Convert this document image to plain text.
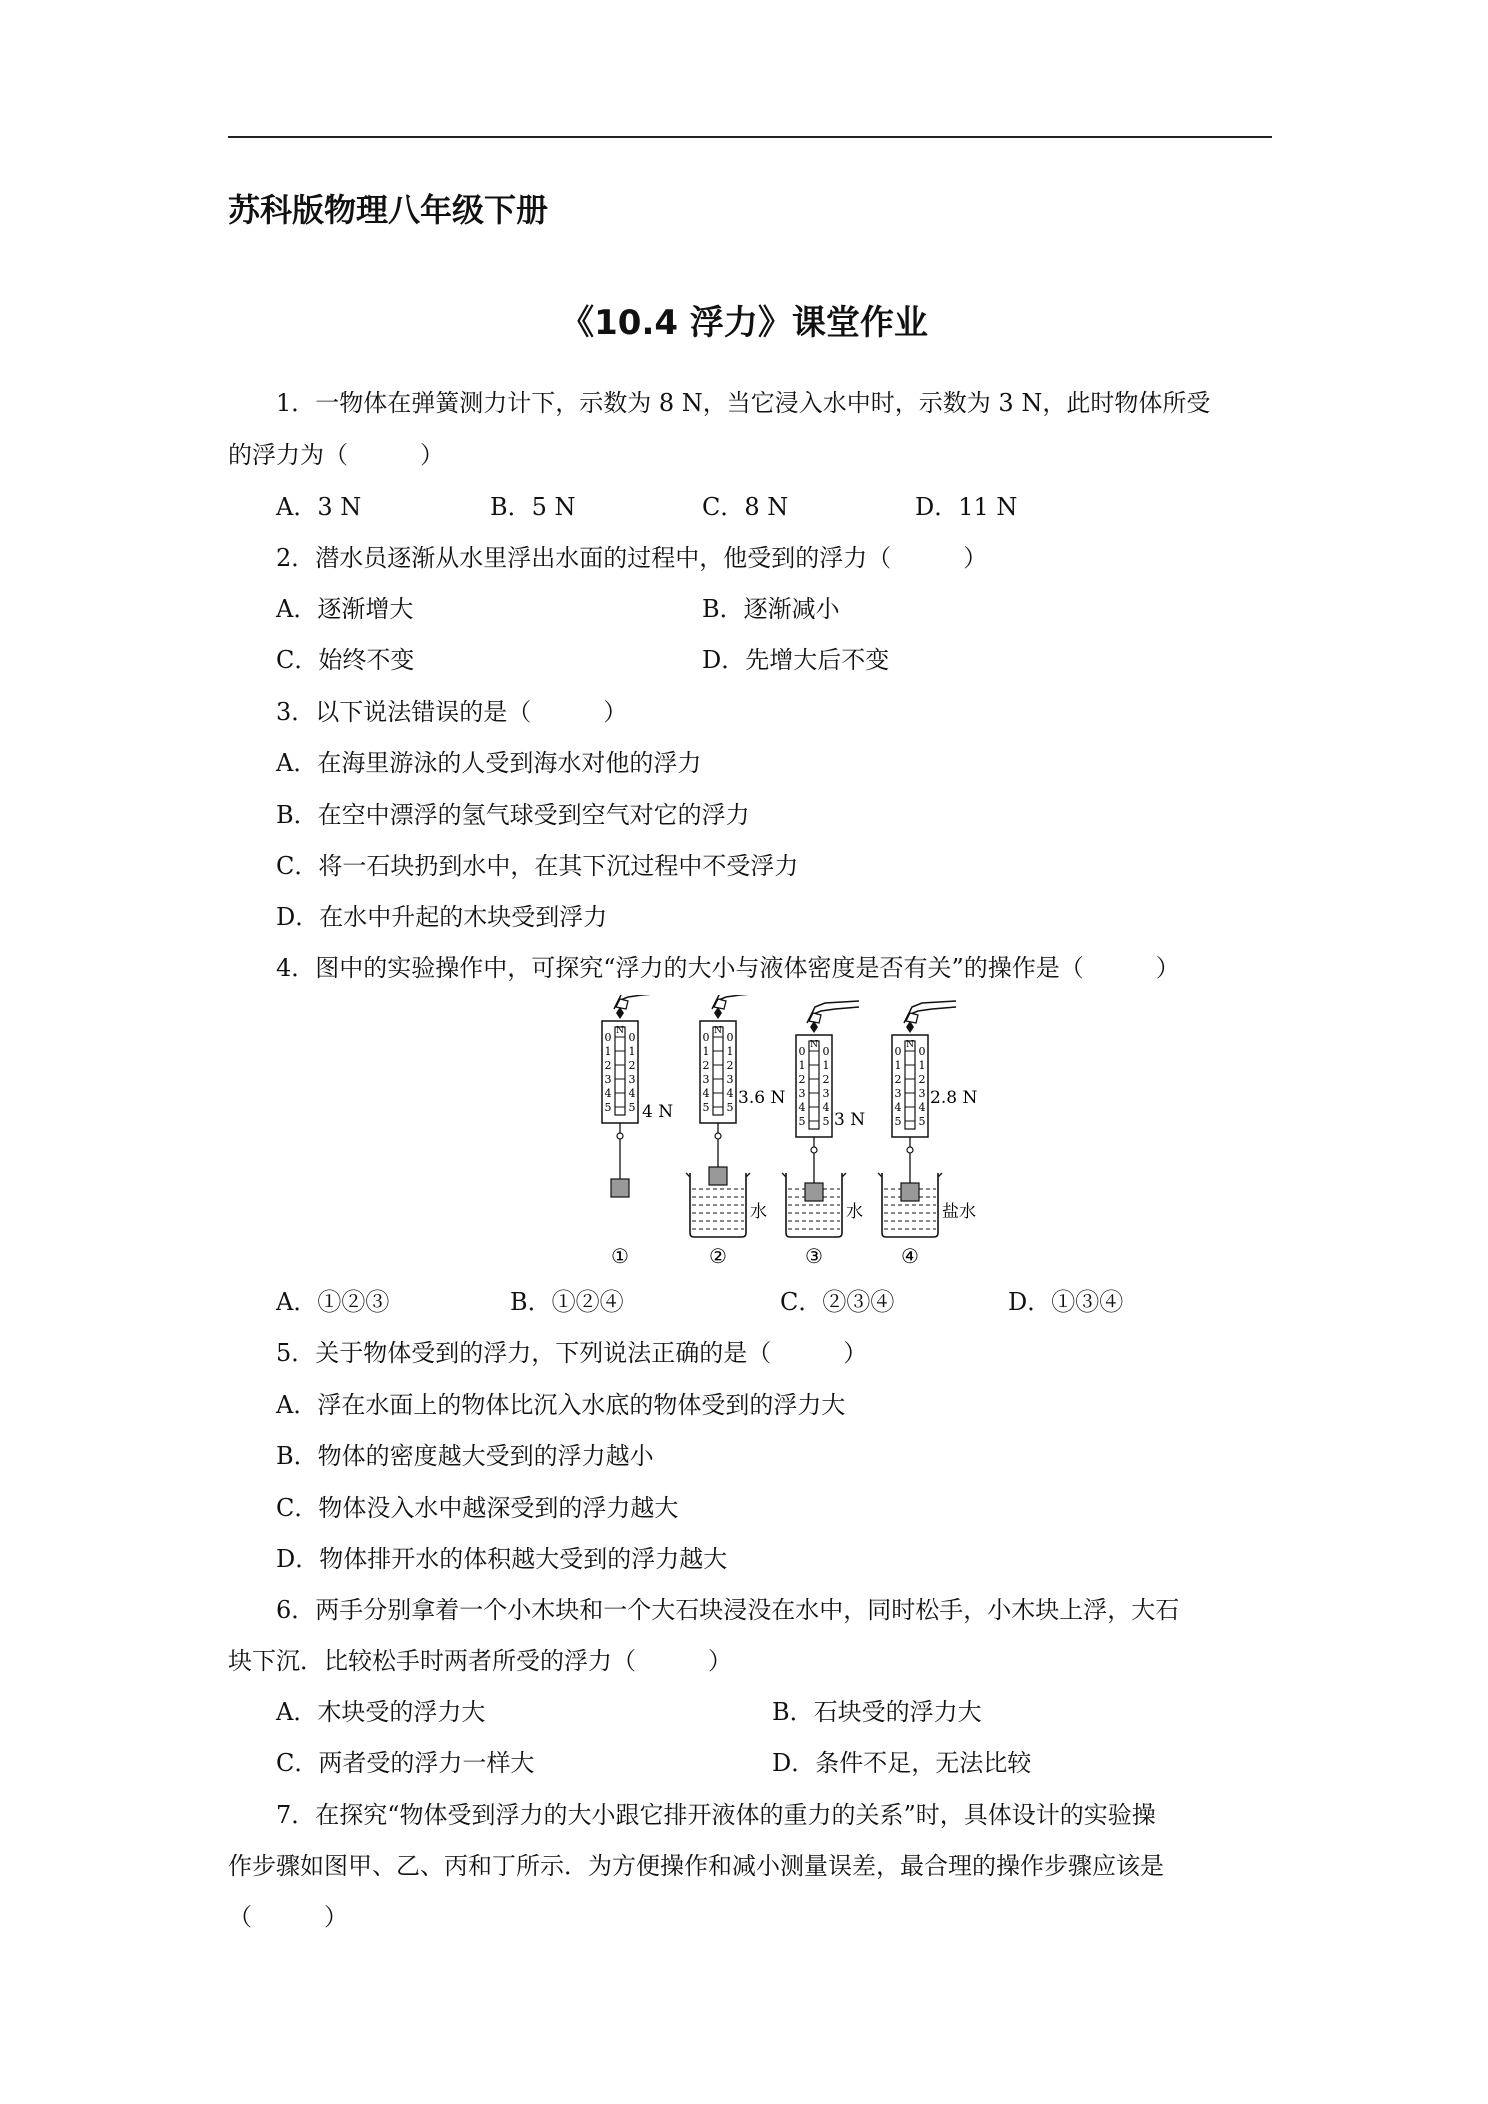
苏科版物理八年级下册
《10.4 浮力》课堂作业
1．一物体在弹簧测力计下，示数为 8 N，当它浸入水中时，示数为 3 N，此时物体所受
的浮力为（　　　）
A．3 N	B．5 N	C．8 N	D．11 N
2．潜水员逐渐从水里浮出水面的过程中，他受到的浮力（　　　）
A．逐渐增大	B．逐渐减小
C．始终不变	D．先增大后不变
3．以下说法错误的是（　　　）
A．在海里游泳的人受到海水对他的浮力
B．在空中漂浮的氢气球受到空气对它的浮力
C．将一石块扔到水中，在其下沉过程中不受浮力
D．在水中升起的木块受到浮力
4．图中的实验操作中，可探究“浮力的大小与液体密度是否有关”的操作是（　　　）
N	N
N	N
0
1
2
3
4
5
0
1
2
3
4
5
0
1
2
3
4
5
0
1
2
3
4
5
0
1
2
3
4
5
0
1
2
3
4
5
0
1
2
3
4
5
0
1
2
3
4
5
4 N
3.6 N
3 N
2.8 N
水	水	盐水
①	②	③	④
A．①②③	B．①②④	C．②③④	D．①③④
5．关于物体受到的浮力，下列说法正确的是（　　　）
A．浮在水面上的物体比沉入水底的物体受到的浮力大
B．物体的密度越大受到的浮力越小
C．物体没入水中越深受到的浮力越大
D．物体排开水的体积越大受到的浮力越大
6．两手分别拿着一个小木块和一个大石块浸没在水中，同时松手，小木块上浮，大石
块下沉．比较松手时两者所受的浮力（　　　）
A．木块受的浮力大	B．石块受的浮力大
C．两者受的浮力一样大	D．条件不足，无法比较
7．在探究“物体受到浮力的大小跟它排开液体的重力的关系”时，具体设计的实验操
作步骤如图甲、乙、丙和丁所示．为方便操作和减小测量误差，最合理的操作步骤应该是
（　　　）
